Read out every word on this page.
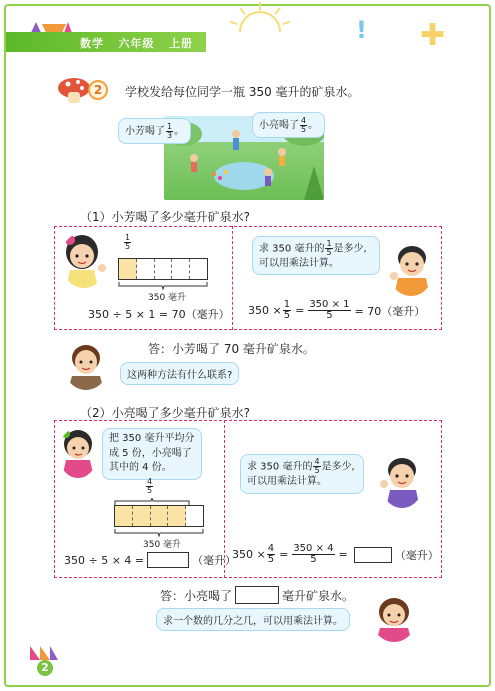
数学 六年级 上册	! ✚
2	学校发给每位同学一瓶 350 毫升的矿泉水。
小芳喝了 $\frac{1}{3}$ 。
小亮喝了 $\frac{4}{5}$ 。
（1）小芳喝了多少毫升矿泉水?
$\frac{1}{5}$
350 毫升
350 ÷ 5 × 1 = 70（毫升）
求 350 毫升的 $\frac{1}{5}$ 是多少,
可以用乘法计算。
$350 \times \frac{1}{5} = \frac{350 \times 1}{5} = 70$（毫升）
答：小芳喝了 70 毫升矿泉水。
这两种方法有什么联系?
（2）小亮喝了多少毫升矿泉水?
把 350 毫升平均分
成 5 份，小亮喝了
其中的 4 份。
$\frac{4}{5}$
350 毫升
350 ÷ 5 × 4 =	（毫升）
求 350 毫升的 $\frac{4}{5}$ 是多少,
可以用乘法计算。
$350 \times \frac{4}{5} = \frac{350 \times 4}{5}$ =	（毫升）
答：小亮喝了	毫升矿泉水。
求一个数的几分之几，可以用乘法计算。
2
